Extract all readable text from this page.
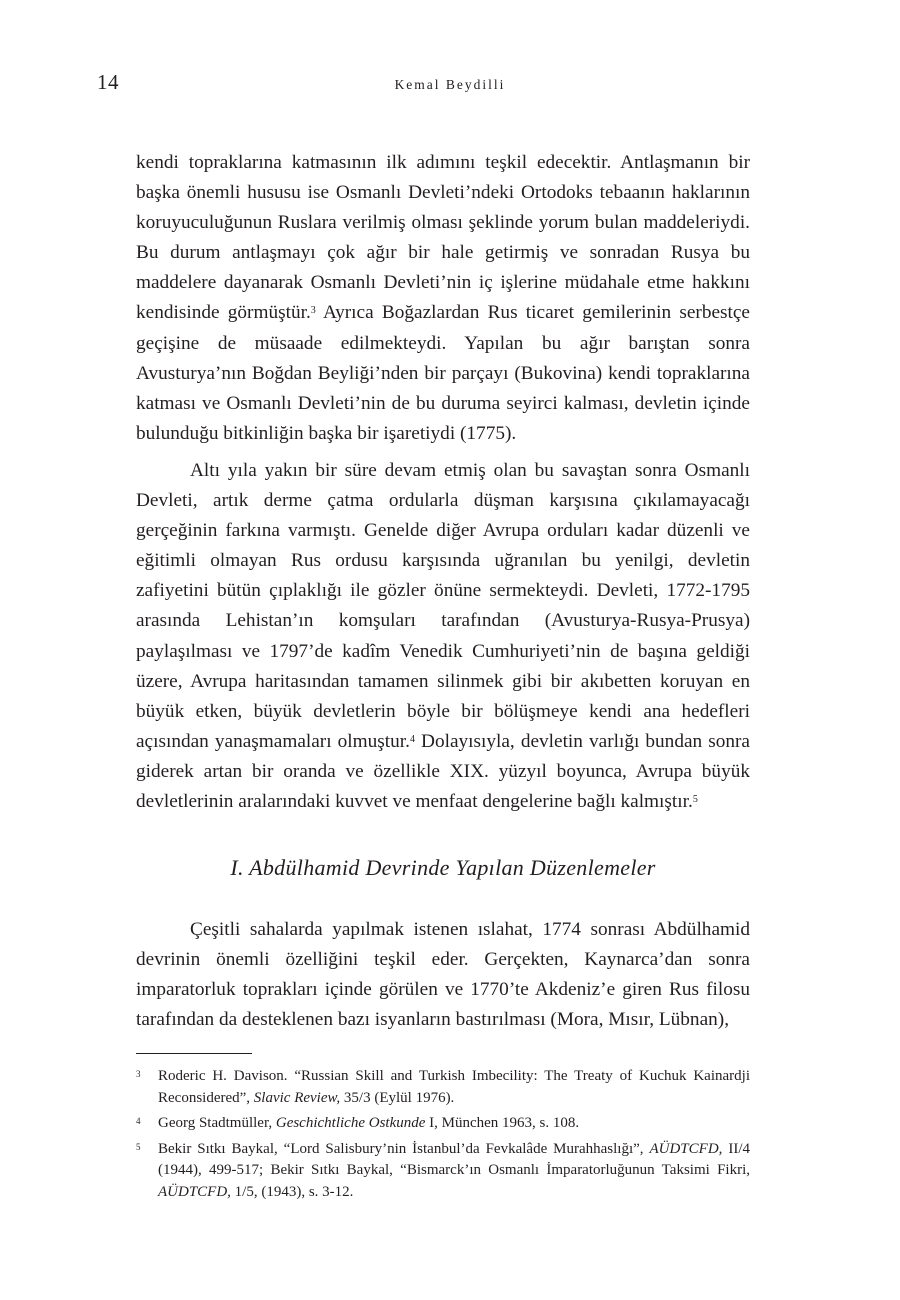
14	Kemal Beydilli

kendi topraklarına katmasının ilk adımını teşkil edecektir. Antlaşmanın bir başka önemli hususu ise Osmanlı Devleti’ndeki Ortodoks tebaanın haklarının koruyuculuğunun Ruslara verilmiş olması şeklinde yorum bulan maddeleriydi. Bu durum antlaşmayı çok ağır bir hale getirmiş ve sonradan Rusya bu maddelere dayanarak Osmanlı Devleti’nin iç işlerine müdahale etme hakkını kendisinde görmüştür.$^3$ Ayrıca Boğazlardan Rus ticaret gemilerinin serbestçe geçişine de müsaade edilmekteydi. Yapılan bu ağır barıştan sonra Avusturya’nın Boğdan Beyliği’nden bir parçayı (Bukovina) kendi topraklarına katması ve Osmanlı Devleti’nin de bu duruma seyirci kalması, devletin içinde bulunduğu bitkinliğin başka bir işaretiydi (1775).

Altı yıla yakın bir süre devam etmiş olan bu savaştan sonra Osmanlı Devleti, artık derme çatma ordularla düşman karşısına çıkılamayacağı gerçeğinin farkına varmıştı. Genelde diğer Avrupa orduları kadar düzenli ve eğitimli olmayan Rus ordusu karşısında uğranılan bu yenilgi, devletin zafiyetini bütün çıplaklığı ile gözler önüne sermekteydi. Devleti, 1772-1795 arasında Lehistan’ın komşuları tarafından (Avusturya-Rusya-Prusya) paylaşılması ve 1797’de kadîm Venedik Cumhuriyeti’nin de başına geldiği üzere, Avrupa haritasından tamamen silinmek gibi bir akıbetten koruyan en büyük etken, büyük devletlerin böyle bir bölüşmeye kendi ana hedefleri açısından yanaşmamaları olmuştur.$^4$ Dolayısıyla, devletin varlığı bundan sonra giderek artan bir oranda ve özellikle XIX. yüzyıl boyunca, Avrupa büyük devletlerinin aralarındaki kuvvet ve menfaat dengelerine bağlı kalmıştır.$^5$

I. Abdülhamid Devrinde Yapılan Düzenlemeler

Çeşitli sahalarda yapılmak istenen ıslahat, 1774 sonrası Abdülhamid devrinin önemli özelliğini teşkil eder. Gerçekten, Kaynarca’dan sonra imparatorluk toprakları içinde görülen ve 1770’te Akdeniz’e giren Rus filosu tarafından da desteklenen bazı isyanların bastırılması (Mora, Mısır, Lübnan),

3 Roderic H. Davison. “Russian Skill and Turkish Imbecility: The Treaty of Kuchuk Kainardji Reconsidered”, Slavic Review, 35/3 (Eylül 1976).
4 Georg Stadtmüller, Geschichtliche Ostkunde I, München 1963, s. 108.
5 Bekir Sıtkı Baykal, “Lord Salisbury’nin İstanbul’da Fevkalâde Murahhaslığı”, AÜDTCFD, II/4 (1944), 499-517; Bekir Sıtkı Baykal, “Bismarck’ın Osmanlı İmparatorluğunun Taksimi Fikri, AÜDTCFD, 1/5, (1943), s. 3-12.
